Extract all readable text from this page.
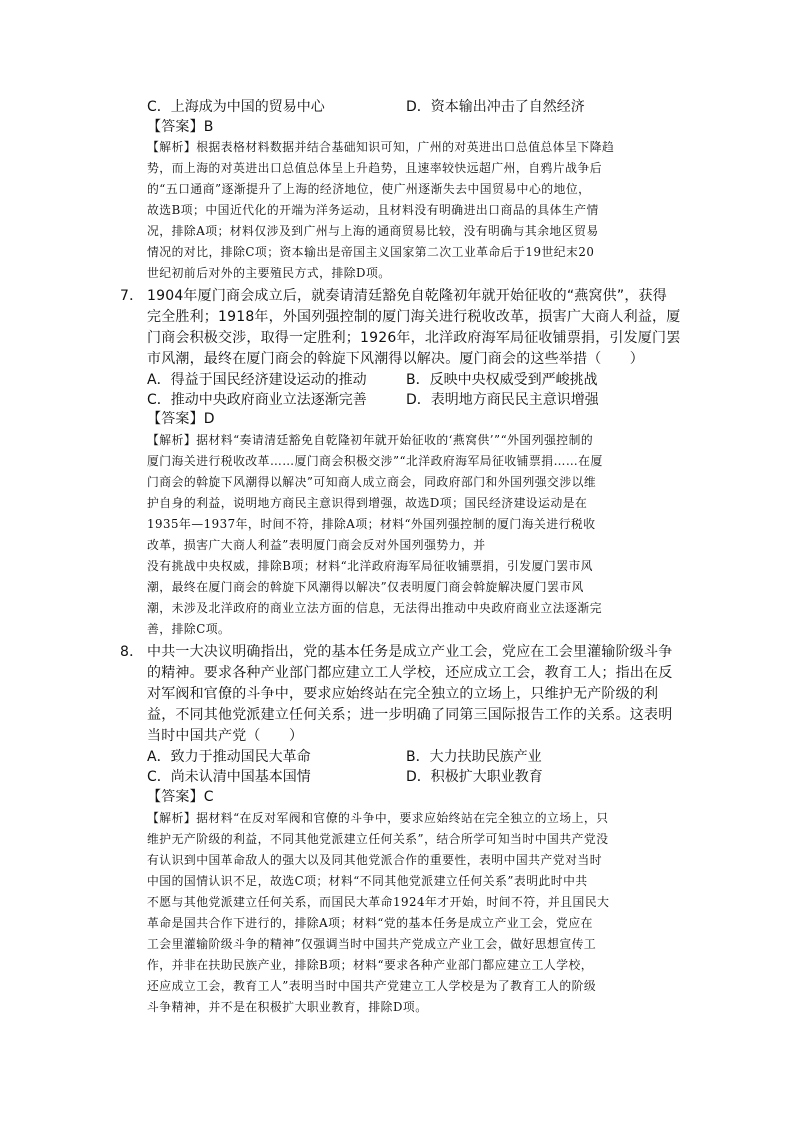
C．上海成为中国的贸易中心	D．资本输出冲击了自然经济
【答案】B
【解析】根据表格材料数据并结合基础知识可知，广州的对英进出口总值总体呈下降趋
势，而上海的对英进出口总值总体呈上升趋势，且速率较快远超广州，自鸦片战争后
的“五口通商”逐渐提升了上海的经济地位，使广州逐渐失去中国贸易中心的地位，
故选B项；中国近代化的开端为洋务运动，且材料没有明确进出口商品的具体生产情
况，排除A项；材料仅涉及到广州与上海的通商贸易比较，没有明确与其余地区贸易
情况的对比，排除C项；资本输出是帝国主义国家第二次工业革命后于19世纪末20
世纪初前后对外的主要殖民方式，排除D项。
7． 1904年厦门商会成立后，就奏请清廷豁免自乾隆初年就开始征收的“燕窝供”，获得
完全胜利；1918年，外国列强控制的厦门海关进行税收改革，损害广大商人利益，厦
门商会积极交涉，取得一定胜利；1926年，北洋政府海军局征收铺票捐，引发厦门罢
市风潮，最终在厦门商会的斡旋下风潮得以解决。厦门商会的这些举措（　　）
A．得益于国民经济建设运动的推动	B．反映中央权威受到严峻挑战
C．推动中央政府商业立法逐渐完善	D．表明地方商民民主意识增强
【答案】D
【解析】据材料“奏请清廷豁免自乾隆初年就开始征收的‘燕窝供’”“外国列强控制的
厦门海关进行税收改革……厦门商会积极交涉”“北洋政府海军局征收铺票捐……在厦
门商会的斡旋下风潮得以解决”可知商人成立商会，同政府部门和外国列强交涉以维
护自身的利益，说明地方商民主意识得到增强，故选D项；国民经济建设运动是在
1935年—1937年，时间不符，排除A项；材料“外国列强控制的厦门海关进行税收
改革，损害广大商人利益”表明厦门商会反对外国列强势力，并
没有挑战中央权威，排除B项；材料“北洋政府海军局征收铺票捐，引发厦门罢市风
潮，最终在厦门商会的斡旋下风潮得以解决”仅表明厦门商会斡旋解决厦门罢市风
潮，未涉及北洋政府的商业立法方面的信息，无法得出推动中央政府商业立法逐渐完
善，排除C项。
8． 中共一大决议明确指出，党的基本任务是成立产业工会，党应在工会里灌输阶级斗争
的精神。要求各种产业部门都应建立工人学校，还应成立工会，教育工人；指出在反
对军阀和官僚的斗争中，要求应始终站在完全独立的立场上，只维护无产阶级的利
益，不同其他党派建立任何关系；进一步明确了同第三国际报告工作的关系。这表明
当时中国共产党（　　）
A．致力于推动国民大革命	B．大力扶助民族产业
C．尚未认清中国基本国情	D．积极扩大职业教育
【答案】C
【解析】据材料“在反对军阀和官僚的斗争中，要求应始终站在完全独立的立场上，只
维护无产阶级的利益，不同其他党派建立任何关系”，结合所学可知当时中国共产党没
有认识到中国革命敌人的强大以及同其他党派合作的重要性，表明中国共产党对当时
中国的国情认识不足，故选C项；材料“不同其他党派建立任何关系”表明此时中共
不愿与其他党派建立任何关系，而国民大革命1924年才开始，时间不符，并且国民大
革命是国共合作下进行的，排除A项；材料“党的基本任务是成立产业工会，党应在
工会里灌输阶级斗争的精神”仅强调当时中国共产党成立产业工会，做好思想宣传工
作，并非在扶助民族产业，排除B项；材料“要求各种产业部门都应建立工人学校，
还应成立工会，教育工人”表明当时中国共产党建立工人学校是为了教育工人的阶级
斗争精神，并不是在积极扩大职业教育，排除D项。
